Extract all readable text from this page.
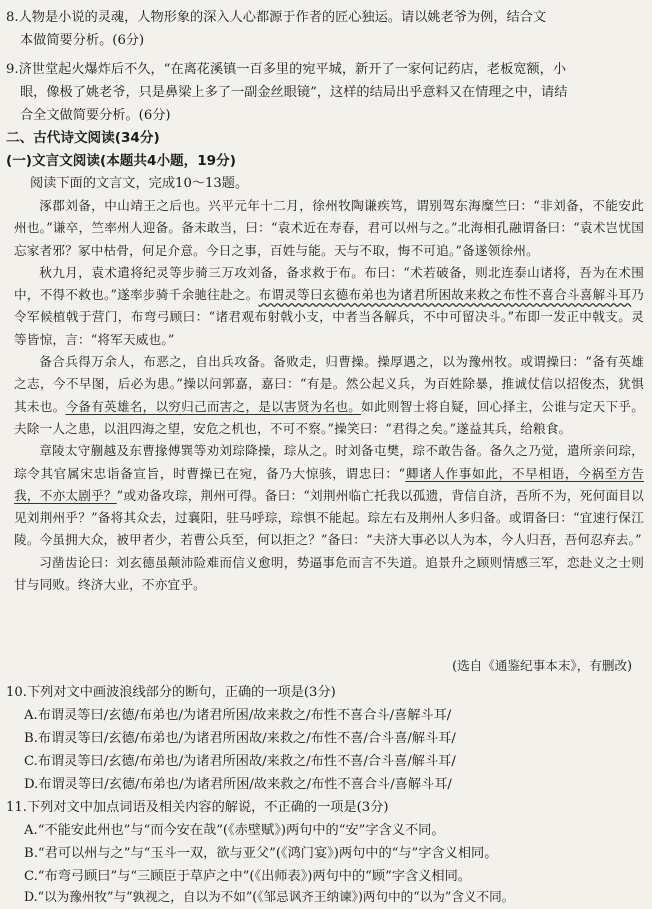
8.人物是小说的灵魂，人物形象的深入人心都源于作者的匠心独运。请以姚老爷为例，结合文
本做简要分析。(6分)
9.济世堂起火爆炸后不久，“在离花溪镇一百多里的宛平城，新开了一家何记药店，老板宽额，小
眼，像极了姚老爷，只是鼻梁上多了一副金丝眼镜”，这样的结局出乎意料又在情理之中，请结
合全文做简要分析。(6分)
二、古代诗文阅读(34分)
(一)文言文阅读(本题共4小题，19分)
阅读下面的文言文，完成10～13题。

涿郡刘备，中山靖王之后也。兴平元年十二月，徐州牧陶谦疾笃，谓别驾东海糜竺曰：“非刘备，不能安此州也。”谦卒，竺率州人迎备。备未敢当，曰：“袁术近在寿春，君可以州与之。”北海相孔融谓备曰：“袁术岂忧国忘家者邪？冢中枯骨，何足介意。今日之事，百姓与能。天与不取，悔不可追。”备遂领徐州。

秋九月，袁术遣将纪灵等步骑三万攻刘备，备求救于布。布曰：“术若破备，则北连泰山诸将，吾为在术围中，不得不救也。”遂率步骑千余驰往赴之。布谓灵等曰玄德布弟也为诸君所困故来救之布性不喜合斗喜解斗耳乃令军候植戟于营门，布弯弓顾曰：“诸君观布射戟小支，中者当各解兵，不中可留决斗。”布即一发正中戟支。灵等皆惊，言：“将军天威也。”

备合兵得万余人，布恶之，自出兵攻备。备败走，归曹操。操厚遇之，以为豫州牧。或谓操曰：“备有英雄之志，今不早图，后必为患。”操以问郭嘉，嘉曰：“有是。然公起义兵，为百姓除暴，推诚仗信以招俊杰，犹惧其未也。今备有英雄名，以穷归己而害之，是以害贤为名也。如此则智士将自疑，回心择主，公谁与定天下乎。夫除一人之患，以沮四海之望，安危之机也，不可不察。”操笑曰：“君得之矣。”遂益其兵，给粮食。

章陵太守蒯越及东曹掾傅巽等劝刘琮降操，琮从之。时刘备屯樊，琮不敢告备。备久之乃觉，遣所亲问琮，琮令其官属宋忠诣备宣旨，时曹操已在宛，备乃大惊骇，谓忠曰：“卿诸人作事如此，不早相语，今祸至方告我，不亦太剧乎？”或劝备攻琮，荆州可得。备曰：“刘荆州临亡托我以孤遗，背信自济，吾所不为，死何面目以见刘荆州乎？”备将其众去，过襄阳，驻马呼琮，琮惧不能起。琮左右及荆州人多归备。或谓备曰：“宜速行保江陵。今虽拥大众，被甲者少，若曹公兵至，何以拒之？”备曰：“夫济大事必以人为本，今人归吾，吾何忍弃去。”

习凿齿论曰：刘玄德虽颠沛险难而信义愈明，势逼事危而言不失道。追景升之顾则情感三军，恋赴义之士则甘与同败。终济大业，不亦宜乎。

(选自《通鉴纪事本末》，有删改)
10.下列对文中画波浪线部分的断句，正确的一项是(3分)
A.布谓灵等曰/玄德/布弟也/为诸君所困/故来救之/布性不喜合斗/喜解斗耳/
B.布谓灵等曰/玄德/布弟也/为诸君所困故/来救之/布性不喜/合斗喜/解斗耳/
C.布谓灵等曰/玄德/布弟也/为诸君所困故/来救之/布性不喜/合斗喜/解斗耳/
D.布谓灵等曰/玄德/布弟也/为诸君所困/故来救之/布性不喜合斗/喜解斗耳/
11.下列对文中加点词语及相关内容的解说，不正确的一项是(3分)
A.“不能安此州也”与“而今安在哉”(《赤壁赋》)两句中的“安”字含义不同。
B.“君可以州与之”与“玉斗一双，欲与亚父”(《鸿门宴》)两句中的“与”字含义相同。
C.“布弯弓顾曰”与“三顾臣于草庐之中”(《出师表》)两句中的“顾”字含义相同。
D.“以为豫州牧”与“孰视之，自以为不如”(《邹忌讽齐王纳谏》)两句中的“以为”含义不同。
